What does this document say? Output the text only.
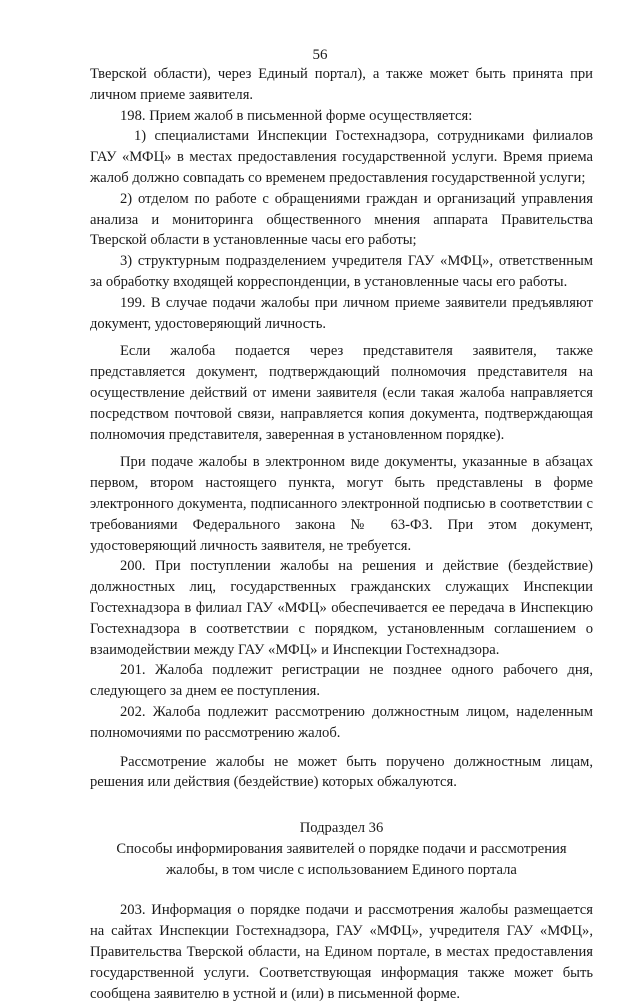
56

Тверской области), через Единый портал), а также может быть принята при личном приеме заявителя.

198. Прием жалоб в письменной форме осуществляется:

1) специалистами Инспекции Гостехнадзора, сотрудниками филиалов ГАУ «МФЦ» в местах предоставления государственной услуги. Время приема жалоб должно совпадать со временем предоставления государственной услуги;

2) отделом по работе с обращениями граждан и организаций управления анализа и мониторинга общественного мнения аппарата Правительства Тверской области в установленные часы его работы;

3) структурным подразделением учредителя ГАУ «МФЦ», ответственным за обработку входящей корреспонденции, в установленные часы его работы.

199. В случае подачи жалобы при личном приеме заявители предъявляют документ, удостоверяющий личность.

Если жалоба подается через представителя заявителя, также представляется документ, подтверждающий полномочия представителя на осуществление действий от имени заявителя (если такая жалоба направляется посредством почтовой связи, направляется копия документа, подтверждающая полномочия представителя, заверенная в установленном порядке).

При подаче жалобы в электронном виде документы, указанные в абзацах первом, втором настоящего пункта, могут быть представлены в форме электронного документа, подписанного электронной подписью в соответствии с требованиями Федерального закона № 63-ФЗ. При этом документ, удостоверяющий личность заявителя, не требуется.

200. При поступлении жалобы на решения и действие (бездействие) должностных лиц, государственных гражданских служащих Инспекции Гостехнадзора в филиал ГАУ «МФЦ» обеспечивается ее передача в Инспекцию Гостехнадзора в соответствии с порядком, установленным соглашением о взаимодействии между ГАУ «МФЦ» и Инспекции Гостехнадзора.

201. Жалоба подлежит регистрации не позднее одного рабочего дня, следующего за днем ее поступления.

202. Жалоба подлежит рассмотрению должностным лицом, наделенным полномочиями по рассмотрению жалоб.

Рассмотрение жалобы не может быть поручено должностным лицам, решения или действия (бездействие) которых обжалуются.

Подраздел 36

Способы информирования заявителей о порядке подачи и рассмотрения

жалобы, в том числе с использованием Единого портала

203. Информация о порядке подачи и рассмотрения жалобы размещается на сайтах Инспекции Гостехнадзора, ГАУ «МФЦ», учредителя ГАУ «МФЦ», Правительства Тверской области, на Едином портале, в местах предоставления государственной услуги. Соответствующая информация также может быть сообщена заявителю в устной и (или) в письменной форме.
